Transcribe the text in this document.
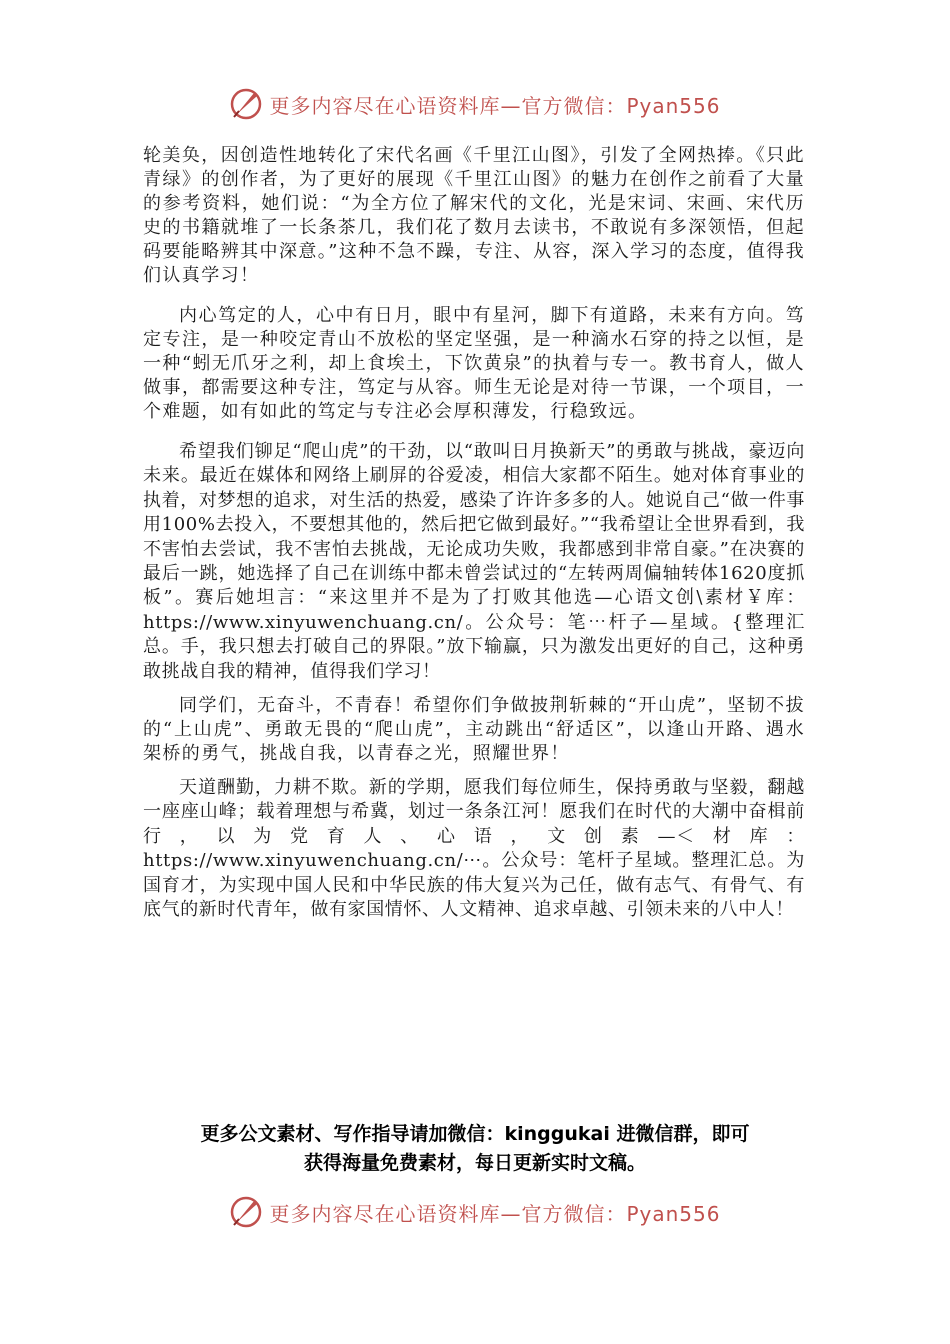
更多内容尽在心语资料库—官方微信：Pyan556

轮美奂，因创造性地转化了宋代名画《千里江山图》，引发了全网热捧。《只此青绿》的创作者，为了更好的展现《千里江山图》的魅力在创作之前看了大量的参考资料，她们说：“为全方位了解宋代的文化，光是宋词、宋画、宋代历史的书籍就堆了一长条茶几，我们花了数月去读书，不敢说有多深领悟，但起码要能略辨其中深意。”这种不急不躁，专注、从容，深入学习的态度，值得我们认真学习！

内心笃定的人，心中有日月，眼中有星河，脚下有道路，未来有方向。笃定专注，是一种咬定青山不放松的坚定坚强，是一种滴水石穿的持之以恒，是一种“蚓无爪牙之利，却上食埃土，下饮黄泉”的执着与专一。教书育人，做人做事，都需要这种专注，笃定与从容。师生无论是对待一节课，一个项目，一个难题，如有如此的笃定与专注必会厚积薄发，行稳致远。

希望我们铆足“爬山虎”的干劲，以“敢叫日月换新天”的勇敢与挑战，豪迈向未来。最近在媒体和网络上刷屏的谷爱凌，相信大家都不陌生。她对体育事业的执着，对梦想的追求，对生活的热爱，感染了许许多多的人。她说自己“做一件事用100%去投入，不要想其他的，然后把它做到最好。”“我希望让全世界看到，我不害怕去尝试，我不害怕去挑战，无论成功失败，我都感到非常自豪。”在决赛的最后一跳，她选择了自己在训练中都未曾尝试过的“左转两周偏轴转体1620度抓板”。赛后她坦言：“来这里并不是为了打败其他选—心语文创\素材￥库：https://www.xinyuwenchuang.cn/。公众号：笔⋯杆子—星域。{整理汇总。手，我只想去打破自己的界限。”放下输赢，只为激发出更好的自己，这种勇敢挑战自我的精神，值得我们学习！

同学们，无奋斗，不青春！希望你们争做披荆斩棘的“开山虎”，坚韧不拔的“上山虎”、勇敢无畏的“爬山虎”，主动跳出“舒适区”，以逢山开路、遇水架桥的勇气，挑战自我，以青春之光，照耀世界！

天道酬勤，力耕不欺。新的学期，愿我们每位师生，保持勇敢与坚毅，翻越一座座山峰；载着理想与希冀，划过一条条江河！愿我们在时代的大潮中奋楫前行，以为党育人、心语，文创素—＜材库：https://www.xinyuwenchuang.cn/⋯。公众号：笔杆子星域。整理汇总。为国育才，为实现中国人民和中华民族的伟大复兴为己任，做有志气、有骨气、有底气的新时代青年，做有家国情怀、人文精神、追求卓越、引领未来的八中人！

更多公文素材、写作指导请加微信：kinggukai 进微信群，即可
获得海量免费素材，每日更新实时文稿。
更多内容尽在心语资料库—官方微信：Pyan556
